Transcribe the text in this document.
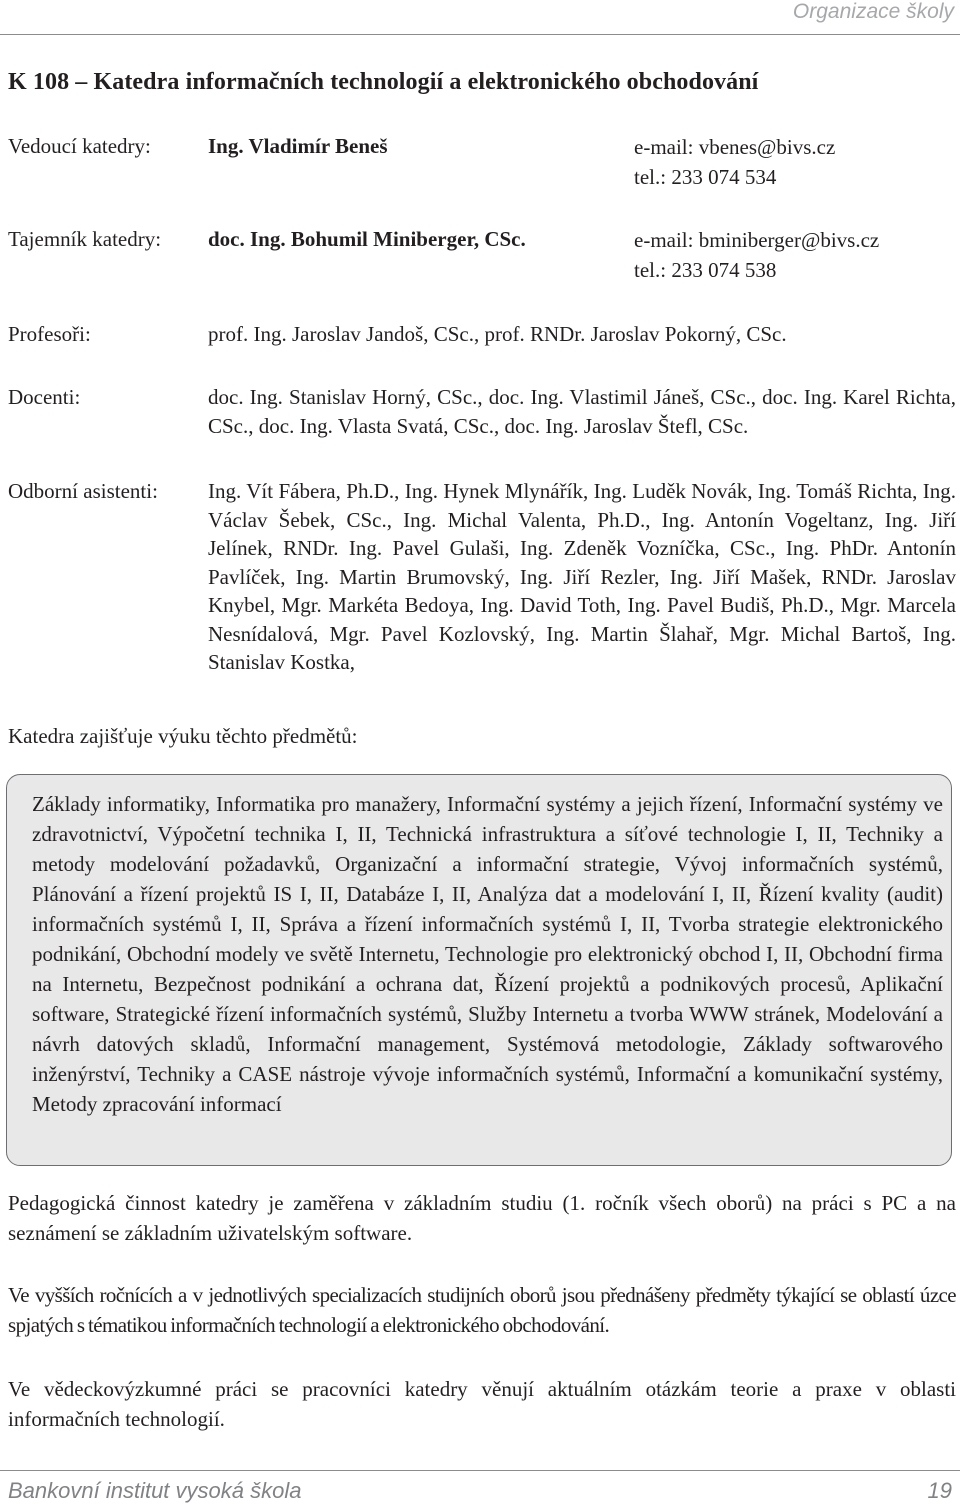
Organizace školy
K 108 – Katedra informačních technologií a elektronického obchodování
Vedoucí katedry:	Ing. Vladimír Beneš	e-mail: vbenes@bivs.cz
tel.: 233 074 534
Tajemník katedry: doc. Ing. Bohumil Miniberger, CSc.	e-mail: bminiberger@bivs.cz
tel.: 233 074 538
Profesoři:	prof. Ing. Jaroslav Jandoš, CSc., prof. RNDr. Jaroslav Pokorný, CSc.
Docenti:	doc. Ing. Stanislav Horný, CSc., doc. Ing. Vlastimil Jáneš, CSc., doc. Ing. Karel Richta, CSc., doc. Ing. Vlasta Svatá, CSc., doc. Ing. Jaroslav Štefl, CSc.
Odborní asistenti: Ing. Vít Fábera, Ph.D., Ing. Hynek Mlynářík, Ing. Luděk Novák, Ing. Tomáš Richta, Ing. Václav Šebek, CSc., Ing. Michal Valenta, Ph.D., Ing. Antonín Vogeltanz, Ing. Jiří Jelínek, RNDr. Ing. Pavel Gulaši, Ing. Zdeněk Vozníčka, CSc., Ing. PhDr. Antonín Pavlíček, Ing. Martin Brumovský, Ing. Jiří Rezler, Ing. Jiří Mašek, RNDr. Jaroslav Knybel, Mgr. Markéta Bedoya, Ing. David Toth, Ing. Pavel Budiš, Ph.D., Mgr. Marcela Nesnídalová, Mgr. Pavel Kozlovský, Ing. Martin Šlahař, Mgr. Michal Bartoš, Ing. Stanislav Kostka,
Katedra zajišťuje výuku těchto předmětů:
Základy informatiky, Informatika pro manažery, Informační systémy a jejich řízení, Informační systémy ve zdravotnictví, Výpočetní technika I, II, Technická infrastruktura a síťové technologie I, II, Techniky a metody modelování požadavků, Organizační a informační strategie, Vývoj informačních systémů, Plánování a řízení projektů IS I, II, Databáze I, II, Analýza dat a modelování I, II, Řízení kvality (audit) informačních systémů I, II, Správa a řízení informačních systémů I, II, Tvorba strategie elektronického podnikání, Obchodní modely ve světě Internetu, Technologie pro elektronický obchod I, II, Obchodní firma na Internetu, Bezpečnost podnikání a ochrana dat, Řízení projektů a podnikových procesů, Aplikační software, Strategické řízení informačních systémů, Služby Internetu a tvorba WWW stránek, Modelování a návrh datových skladů, Informační management, Systémová metodologie, Základy softwarového inženýrství, Techniky a CASE nástroje vývoje informačních systémů, Informační a komunikační systémy, Metody zpracování informací
Pedagogická činnost katedry je zaměřena v základním studiu (1. ročník všech oborů) na práci s PC a na seznámení se základním uživatelským software.
Ve vyšších ročnících a v jednotlivých specializacích studijních oborů jsou přednášeny předměty týkající se oblastí úzce spjatých s tématikou informačních technologií a elektronického obchodování.
Ve vědeckovýzkumné práci se pracovníci katedry věnují aktuálním otázkám teorie a praxe v oblasti informačních technologií.
Bankovní institut vysoká škola	19
